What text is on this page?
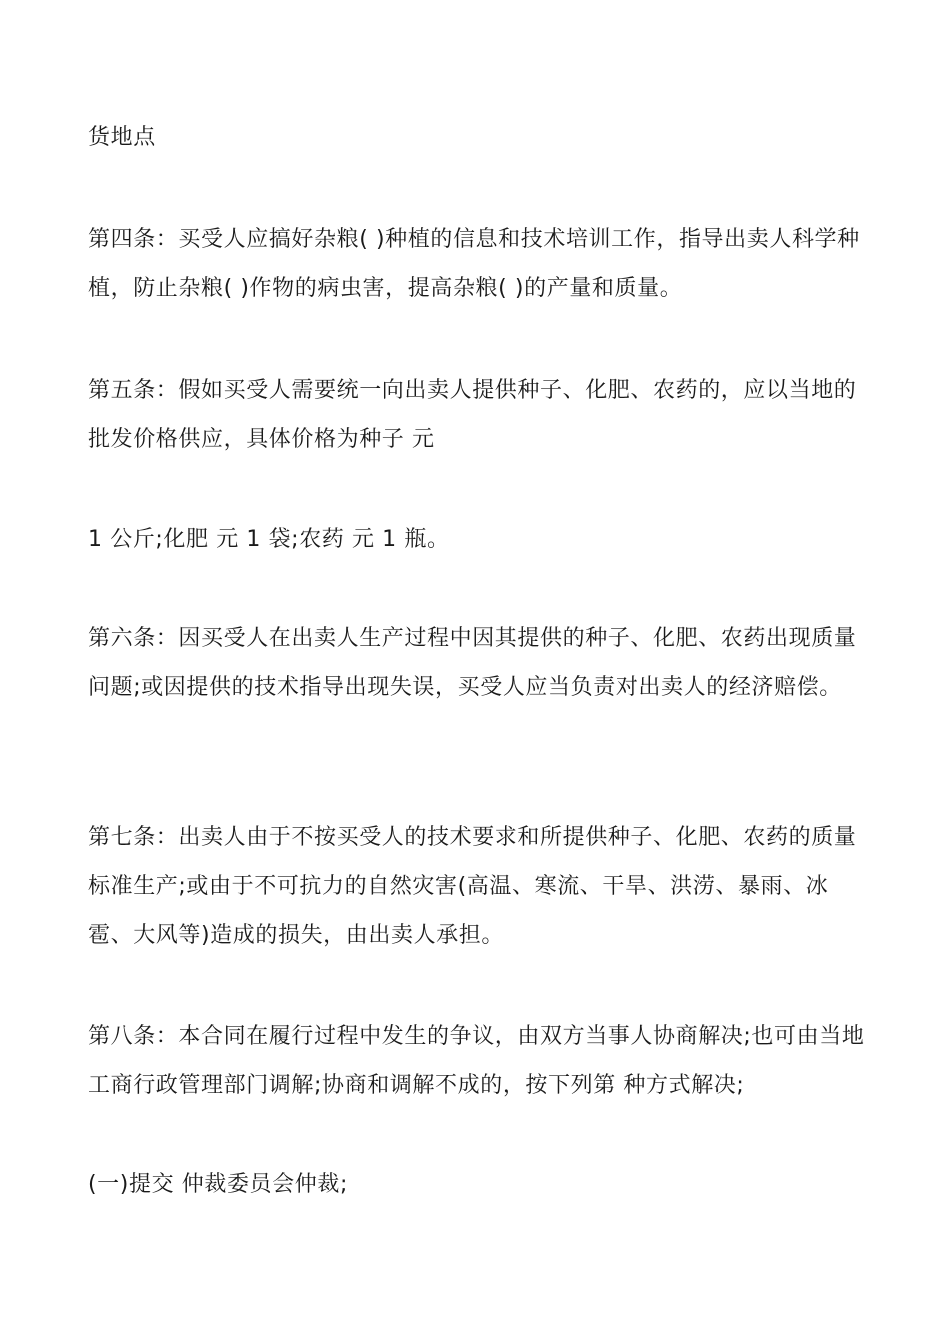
货地点

第四条：买受人应搞好杂粮( )种植的信息和技术培训工作，指导出卖人科学种植，防止杂粮( )作物的病虫害，提高杂粮( )的产量和质量。

第五条：假如买受人需要统一向出卖人提供种子、化肥、农药的，应以当地的批发价格供应，具体价格为种子 元

1 公斤;化肥 元 1 袋;农药 元 1 瓶。

第六条：因买受人在出卖人生产过程中因其提供的种子、化肥、农药出现质量问题;或因提供的技术指导出现失误，买受人应当负责对出卖人的经济赔偿。

第七条：出卖人由于不按买受人的技术要求和所提供种子、化肥、农药的质量标准生产;或由于不可抗力的自然灾害(高温、寒流、干旱、洪涝、暴雨、冰雹、大风等)造成的损失，由出卖人承担。

第八条：本合同在履行过程中发生的争议，由双方当事人协商解决;也可由当地工商行政管理部门调解;协商和调解不成的，按下列第 种方式解决;

(一)提交 仲裁委员会仲裁;
